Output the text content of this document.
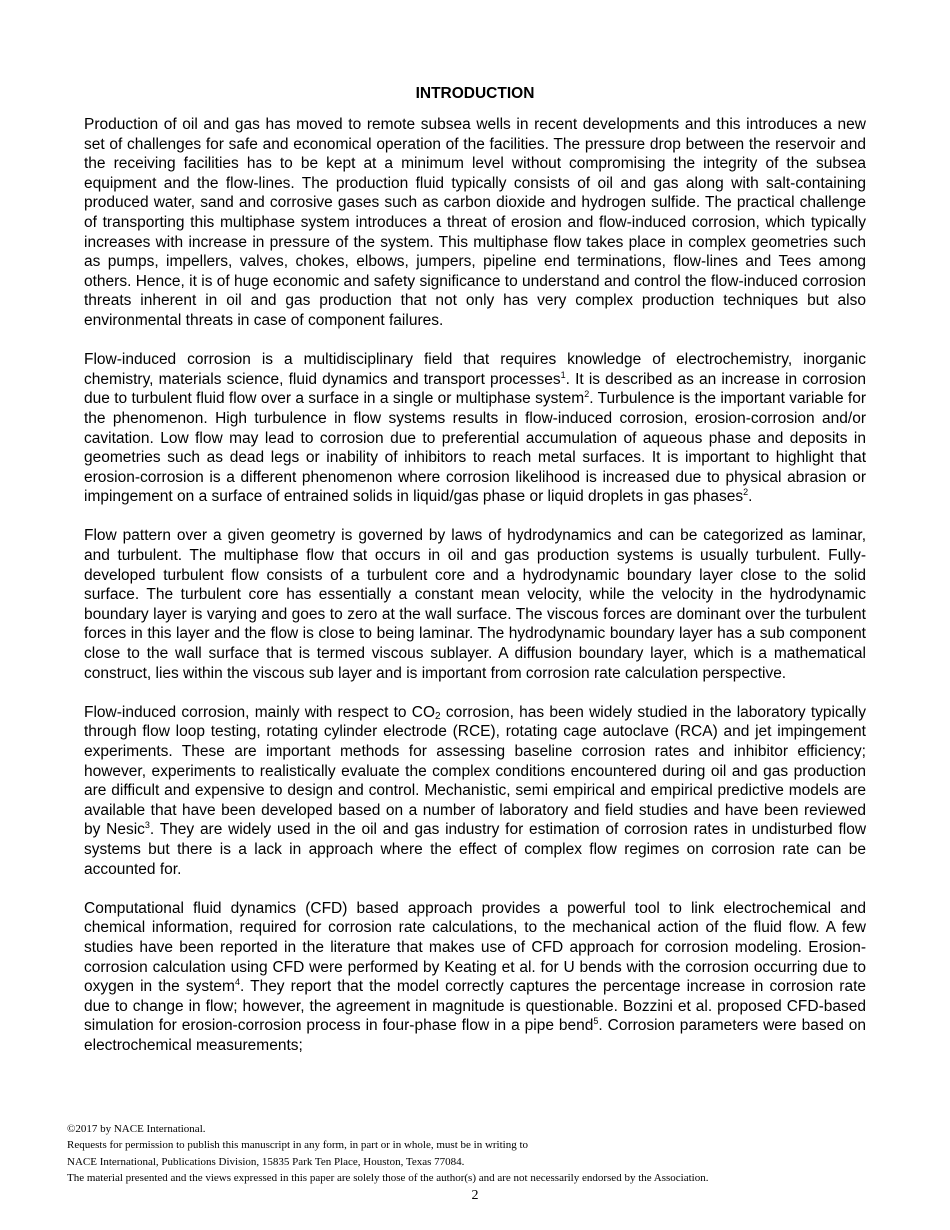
INTRODUCTION

Production of oil and gas has moved to remote subsea wells in recent developments and this introduces a new set of challenges for safe and economical operation of the facilities. The pressure drop between the reservoir and the receiving facilities has to be kept at a minimum level without compromising the integrity of the subsea equipment and the flow-lines. The production fluid typically consists of oil and gas along with salt-containing produced water, sand and corrosive gases such as carbon dioxide and hydrogen sulfide. The practical challenge of transporting this multiphase system introduces a threat of erosion and flow-induced corrosion, which typically increases with increase in pressure of the system. This multiphase flow takes place in complex geometries such as pumps, impellers, valves, chokes, elbows, jumpers, pipeline end terminations, flow-lines and Tees among others. Hence, it is of huge economic and safety significance to understand and control the flow-induced corrosion threats inherent in oil and gas production that not only has very complex production techniques but also environmental threats in case of component failures.

Flow-induced corrosion is a multidisciplinary field that requires knowledge of electrochemistry, inorganic chemistry, materials science, fluid dynamics and transport processes$^1$. It is described as an increase in corrosion due to turbulent fluid flow over a surface in a single or multiphase system$^2$. Turbulence is the important variable for the phenomenon. High turbulence in flow systems results in flow-induced corrosion, erosion-corrosion and/or cavitation. Low flow may lead to corrosion due to preferential accumulation of aqueous phase and deposits in geometries such as dead legs or inability of inhibitors to reach metal surfaces. It is important to highlight that erosion-corrosion is a different phenomenon where corrosion likelihood is increased due to physical abrasion or impingement on a surface of entrained solids in liquid/gas phase or liquid droplets in gas phases$^2$.

Flow pattern over a given geometry is governed by laws of hydrodynamics and can be categorized as laminar, and turbulent. The multiphase flow that occurs in oil and gas production systems is usually turbulent. Fully-developed turbulent flow consists of a turbulent core and a hydrodynamic boundary layer close to the solid surface. The turbulent core has essentially a constant mean velocity, while the velocity in the hydrodynamic boundary layer is varying and goes to zero at the wall surface. The viscous forces are dominant over the turbulent forces in this layer and the flow is close to being laminar. The hydrodynamic boundary layer has a sub component close to the wall surface that is termed viscous sublayer. A diffusion boundary layer, which is a mathematical construct, lies within the viscous sub layer and is important from corrosion rate calculation perspective.

Flow-induced corrosion, mainly with respect to $CO_2$ corrosion, has been widely studied in the laboratory typically through flow loop testing, rotating cylinder electrode (RCE), rotating cage autoclave (RCA) and jet impingement experiments. These are important methods for assessing baseline corrosion rates and inhibitor efficiency; however, experiments to realistically evaluate the complex conditions encountered during oil and gas production are difficult and expensive to design and control. Mechanistic, semi empirical and empirical predictive models are available that have been developed based on a number of laboratory and field studies and have been reviewed by Nesic$^3$. They are widely used in the oil and gas industry for estimation of corrosion rates in undisturbed flow systems but there is a lack in approach where the effect of complex flow regimes on corrosion rate can be accounted for.

Computational fluid dynamics (CFD) based approach provides a powerful tool to link electrochemical and chemical information, required for corrosion rate calculations, to the mechanical action of the fluid flow. A few studies have been reported in the literature that makes use of CFD approach for corrosion modeling. Erosion-corrosion calculation using CFD were performed by Keating et al. for U bends with the corrosion occurring due to oxygen in the system$^4$. They report that the model correctly captures the percentage increase in corrosion rate due to change in flow; however, the agreement in magnitude is questionable. Bozzini et al. proposed CFD-based simulation for erosion-corrosion process in four-phase flow in a pipe bend$^5$. Corrosion parameters were based on electrochemical measurements;

©2017 by NACE International.
Requests for permission to publish this manuscript in any form, in part or in whole, must be in writing to
NACE International, Publications Division, 15835 Park Ten Place, Houston, Texas 77084.
The material presented and the views expressed in this paper are solely those of the author(s) and are not necessarily endorsed by the Association.
2
